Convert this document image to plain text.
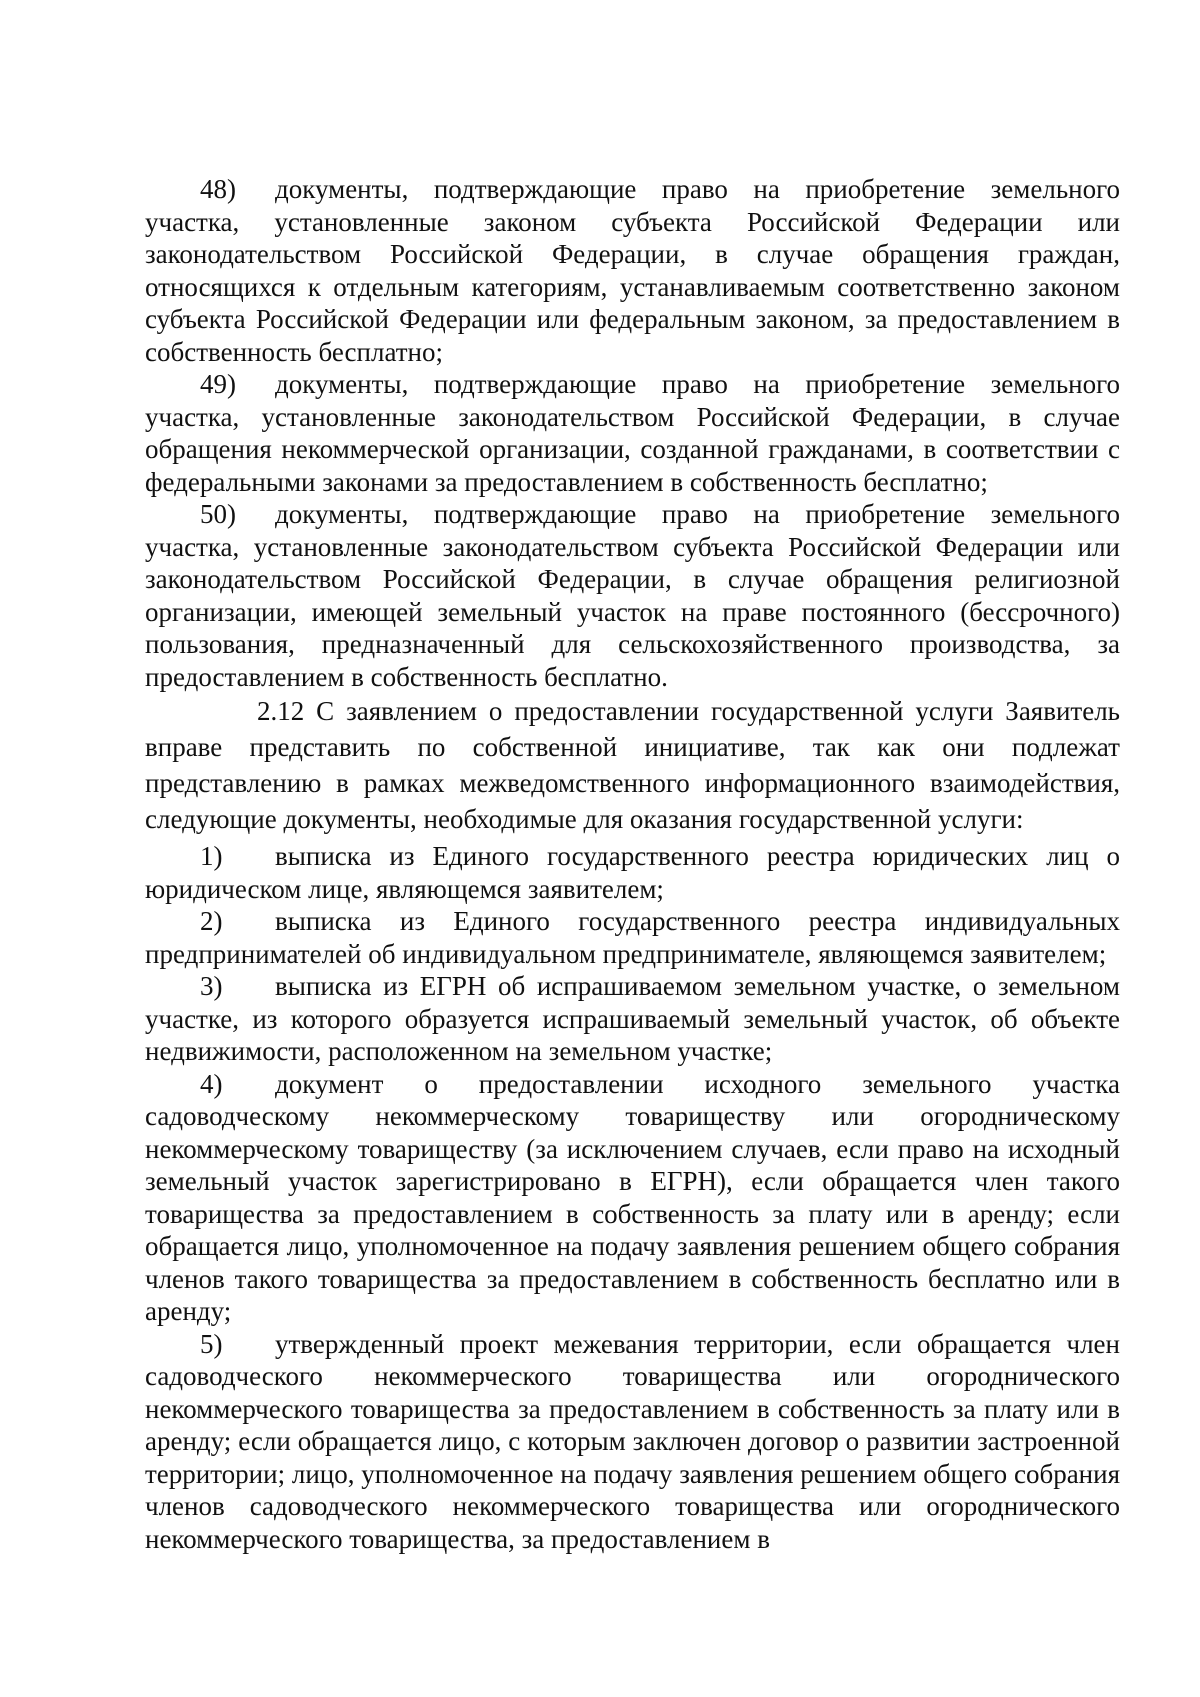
48) документы, подтверждающие право на приобретение земельного участка, установленные законом субъекта Российской Федерации или законодательством Российской Федерации, в случае обращения граждан, относящихся к отдельным категориям, устанавливаемым соответственно законом субъекта Российской Федерации или федеральным законом, за предоставлением в собственность бесплатно;

49) документы, подтверждающие право на приобретение земельного участка, установленные законодательством Российской Федерации, в случае обращения некоммерческой организации, созданной гражданами, в соответствии с федеральными законами за предоставлением в собственность бесплатно;

50) документы, подтверждающие право на приобретение земельного участка, установленные законодательством субъекта Российской Федерации или законодательством Российской Федерации, в случае обращения религиозной организации, имеющей земельный участок на праве постоянного (бессрочного) пользования, предназначенный для сельскохозяйственного производства, за предоставлением в собственность бесплатно.

2.12 С заявлением о предоставлении государственной услуги Заявитель вправе представить по собственной инициативе, так как они подлежат представлению в рамках межведомственного информационного взаимодействия, следующие документы, необходимые для оказания государственной услуги:

1) выписка из Единого государственного реестра юридических лиц о юридическом лице, являющемся заявителем;

2) выписка из Единого государственного реестра индивидуальных предпринимателей об индивидуальном предпринимателе, являющемся заявителем;

3) выписка из ЕГРН об испрашиваемом земельном участке, о земельном участке, из которого образуется испрашиваемый земельный участок, об объекте недвижимости, расположенном на земельном участке;

4) документ о предоставлении исходного земельного участка садоводческому некоммерческому товариществу или огородническому некоммерческому товариществу (за исключением случаев, если право на исходный земельный участок зарегистрировано в ЕГРН), если обращается член такого товарищества за предоставлением в собственность за плату или в аренду; если обращается лицо, уполномоченное на подачу заявления решением общего собрания членов такого товарищества за предоставлением в собственность бесплатно или в аренду;

5) утвержденный проект межевания территории, если обращается член садоводческого некоммерческого товарищества или огороднического некоммерческого товарищества за предоставлением в собственность за плату или в аренду; если обращается лицо, с которым заключен договор о развитии застроенной территории; лицо, уполномоченное на подачу заявления решением общего собрания членов садоводческого некоммерческого товарищества или огороднического некоммерческого товарищества, за предоставлением в
